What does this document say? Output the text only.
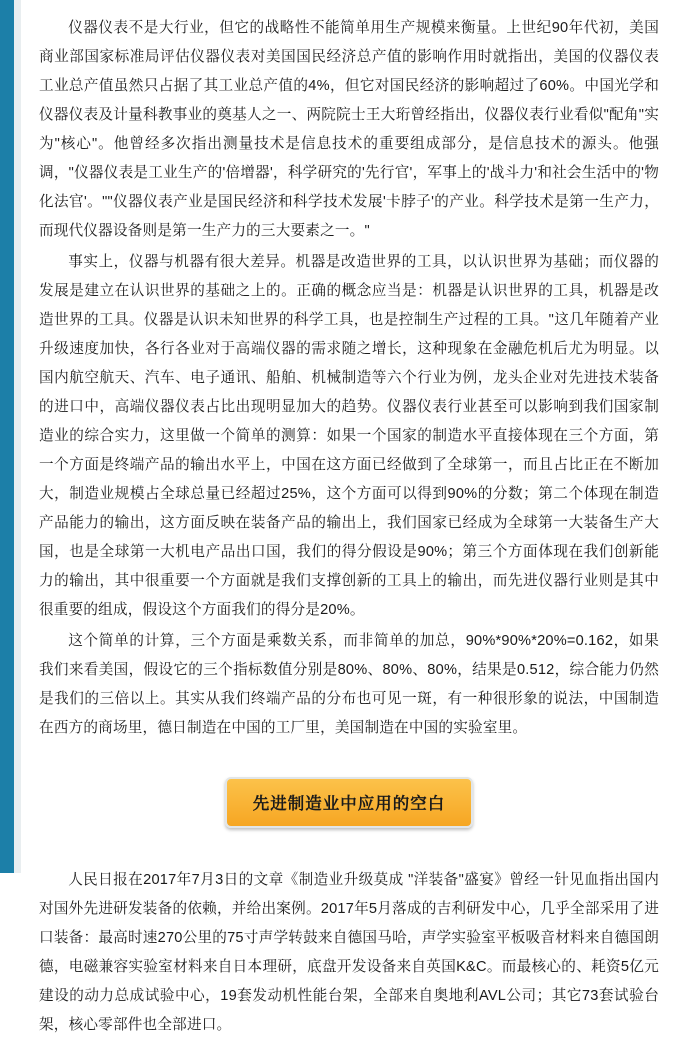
仪器仪表不是大行业，但它的战略性不能简单用生产规模来衡量。上世纪90年代初，美国商业部国家标准局评估仪器仪表对美国国民经济总产值的影响作用时就指出，美国的仪器仪表工业总产值虽然只占据了其工业总产值的4%，但它对国民经济的影响超过了60%。中国光学和仪器仪表及计量科教事业的奠基人之一、两院院士王大珩曾经指出，仪器仪表行业看似"配角"实为"核心"。他曾经多次指出测量技术是信息技术的重要组成部分，是信息技术的源头。他强调，"仪器仪表是工业生产的'倍增器'，科学研究的'先行官'，军事上的'战斗力'和社会生活中的'物化法官'。""仪器仪表产业是国民经济和科学技术发展'卡脖子'的产业。科学技术是第一生产力，而现代仪器设备则是第一生产力的三大要素之一。"

事实上，仪器与机器有很大差异。机器是改造世界的工具，以认识世界为基础；而仪器的发展是建立在认识世界的基础之上的。正确的概念应当是：机器是认识世界的工具，机器是改造世界的工具。仪器是认识未知世界的科学工具，也是控制生产过程的工具。"这几年随着产业升级速度加快，各行各业对于高端仪器的需求随之增长，这种现象在金融危机后尤为明显。以国内航空航天、汽车、电子通讯、船舶、机械制造等六个行业为例，龙头企业对先进技术装备的进口中，高端仪器仪表占比出现明显加大的趋势。仪器仪表行业甚至可以影响到我们国家制造业的综合实力，这里做一个简单的测算：如果一个国家的制造水平直接体现在三个方面，第一个方面是终端产品的输出水平上，中国在这方面已经做到了全球第一，而且占比正在不断加大，制造业规模占全球总量已经超过25%，这个方面可以得到90%的分数；第二个体现在制造产品能力的输出，这方面反映在装备产品的输出上，我们国家已经成为全球第一大装备生产大国，也是全球第一大机电产品出口国，我们的得分假设是90%；第三个方面体现在我们创新能力的输出，其中很重要一个方面就是我们支撑创新的工具上的输出，而先进仪器行业则是其中很重要的组成，假设这个方面我们的得分是20%。

这个简单的计算，三个方面是乘数关系，而非简单的加总，90%*90%*20%=0.162，如果我们来看美国，假设它的三个指标数值分别是80%、80%、80%，结果是0.512，综合能力仍然是我们的三倍以上。其实从我们终端产品的分布也可见一斑，有一种很形象的说法，中国制造在西方的商场里，德日制造在中国的工厂里，美国制造在中国的实验室里。

先进制造业中应用的空白

人民日报在2017年7月3日的文章《制造业升级莫成 "洋装备"盛宴》曾经一针见血指出国内对国外先进研发装备的依赖，并给出案例。2017年5月落成的吉利研发中心，几乎全部采用了进口装备：最高时速270公里的75寸声学转鼓来自德国马哈，声学实验室平板吸音材料来自德国朗德，电磁兼容实验室材料来自日本理研，底盘开发设备来自英国K&C。而最核心的、耗资5亿元建设的动力总成试验中心，19套发动机性能台架，全部来自奥地利AVL公司；其它73套试验台架，核心零部件也全部进口。
